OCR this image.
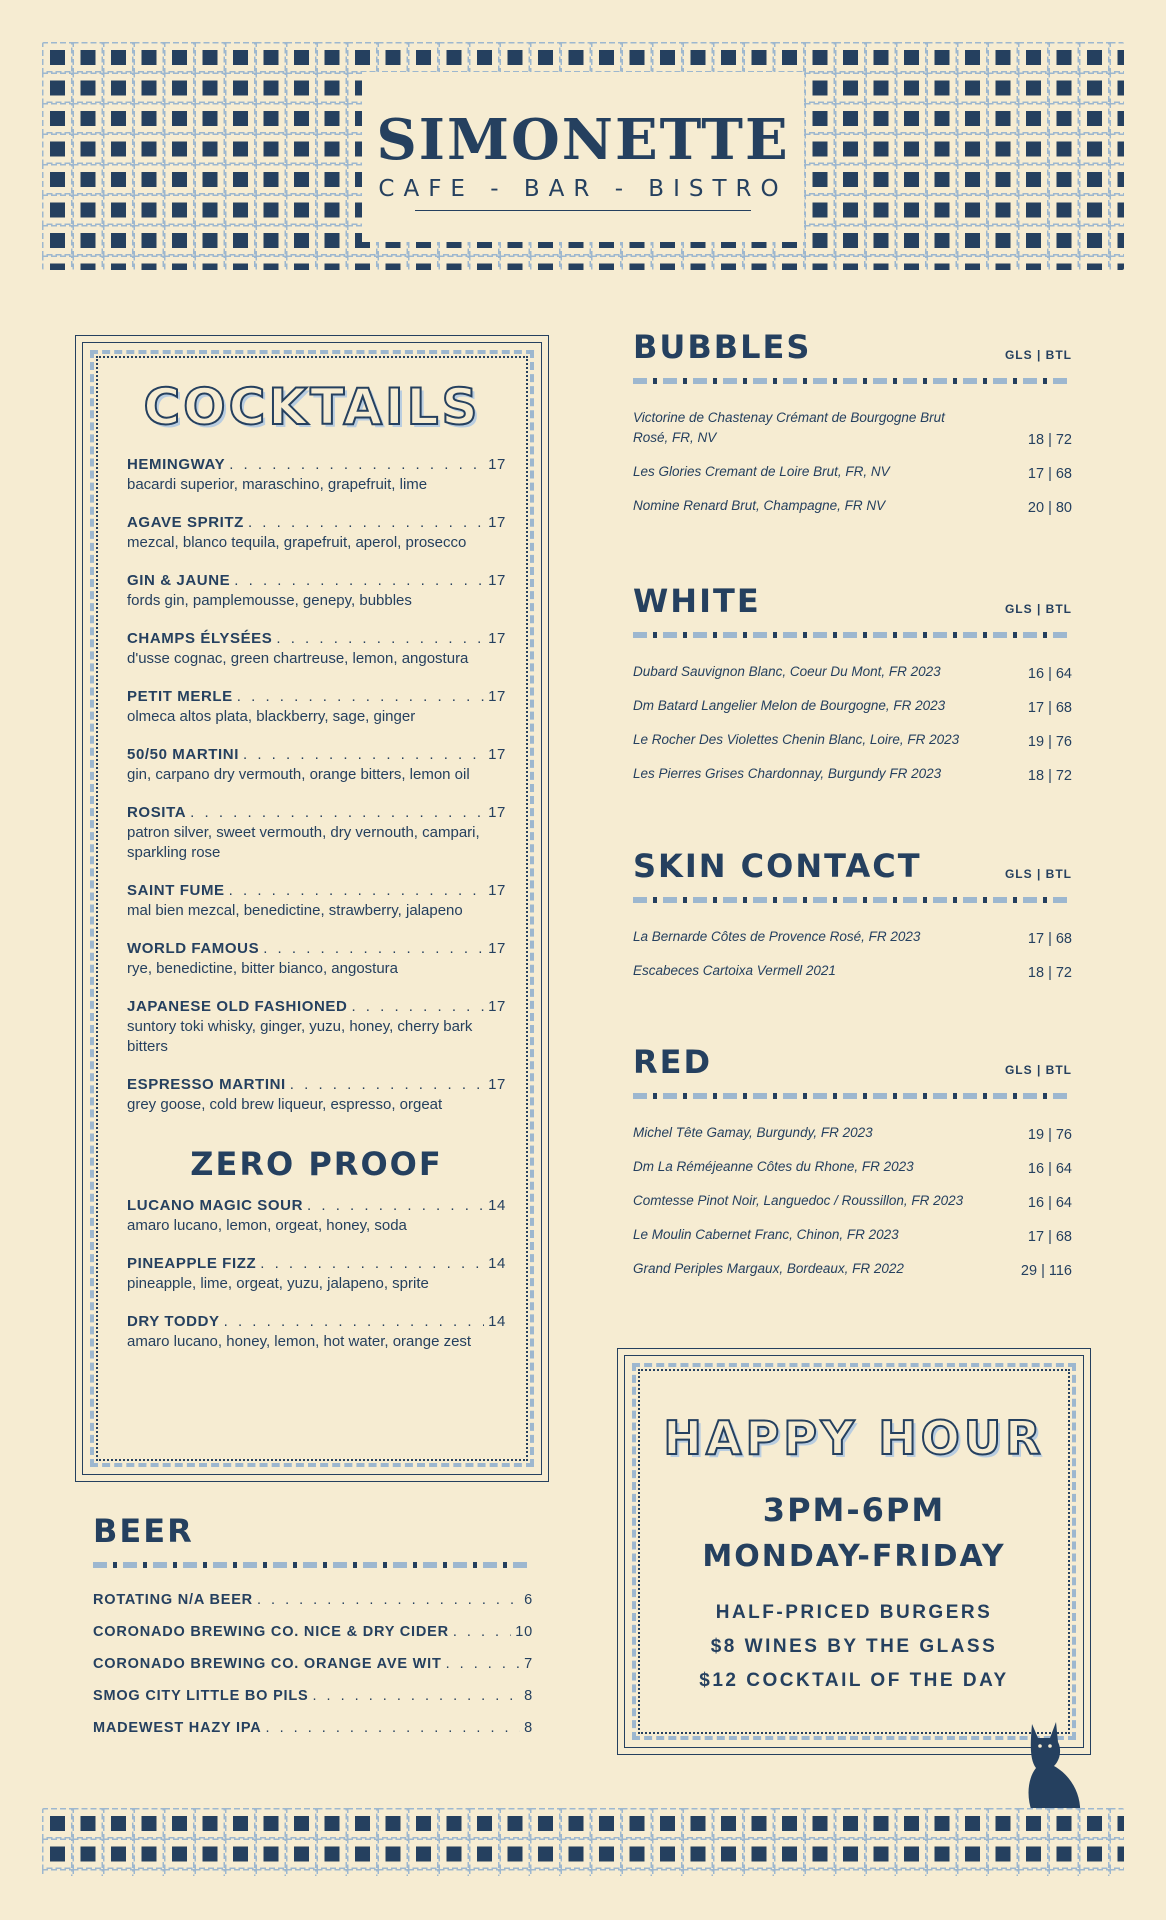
SIMONETTE
CAFE - BAR - BISTRO
COCKTAILS
HEMINGWAY . . .	17
bacardi superior, maraschino, grapefruit, lime
AGAVE SPRITZ . . .	17
mezcal, blanco tequila, grapefruit, aperol, prosecco
GIN & JAUNE . . .	17
fords gin, pamplemousse, genepy, bubbles
CHAMPS ÉLYSÉES . . .	17
d'usse cognac, green chartreuse, lemon, angostura
PETIT MERLE . . .	17
olmeca altos plata, blackberry, sage, ginger
50/50 MARTINI . . .	17
gin, carpano dry vermouth, orange bitters, lemon oil
ROSITA . . .	17
patron silver, sweet vermouth, dry vernouth, campari, sparkling rose
SAINT FUME . . .	17
mal bien mezcal, benedictine, strawberry, jalapeno
WORLD FAMOUS . . .	17
rye, benedictine, bitter bianco, angostura
JAPANESE OLD FASHIONED . . .	17
suntory toki whisky, ginger, yuzu, honey, cherry bark bitters
ESPRESSO MARTINI . . .	17
grey goose, cold brew liqueur, espresso, orgeat
ZERO PROOF
LUCANO MAGIC SOUR . . .	14
amaro lucano, lemon, orgeat, honey, soda
PINEAPPLE FIZZ . . .	14
pineapple, lime, orgeat, yuzu, jalapeno, sprite
DRY TODDY . . .	14
amaro lucano, honey, lemon, hot water, orange zest
BEER
ROTATING N/A BEER . . .	6
CORONADO BREWING CO. NICE & DRY CIDER . . .	10
CORONADO BREWING CO. ORANGE AVE WIT . . .	7
SMOG CITY LITTLE BO PILS . . .	8
MADEWEST HAZY IPA . . .	8
BUBBLES	GLS | BTL
Victorine de Chastenay Crémant de Bourgogne Brut Rosé, FR, NV	18 | 72
Les Glories Cremant de Loire Brut, FR, NV	17 | 68
Nomine Renard Brut, Champagne, FR NV	20 | 80
WHITE	GLS | BTL
Dubard Sauvignon Blanc, Coeur Du Mont, FR 2023	16 | 64
Dm Batard Langelier Melon de Bourgogne, FR 2023	17 | 68
Le Rocher Des Violettes Chenin Blanc, Loire, FR 2023	19 | 76
Les Pierres Grises Chardonnay, Burgundy FR 2023	18 | 72
SKIN CONTACT	GLS | BTL
La Bernarde Côtes de Provence Rosé, FR 2023	17 | 68
Escabeces Cartoixa Vermell 2021	18 | 72
RED	GLS | BTL
Michel Tête Gamay, Burgundy, FR 2023	19 | 76
Dm La Réméjeanne Côtes du Rhone, FR 2023	16 | 64
Comtesse Pinot Noir, Languedoc / Roussillon, FR 2023	16 | 64
Le Moulin Cabernet Franc, Chinon, FR 2023	17 | 68
Grand Periples Margaux, Bordeaux, FR 2022	29 | 116
HAPPY HOUR
3PM-6PM
MONDAY-FRIDAY
HALF-PRICED BURGERS
$8 WINES BY THE GLASS
$12 COCKTAIL OF THE DAY
